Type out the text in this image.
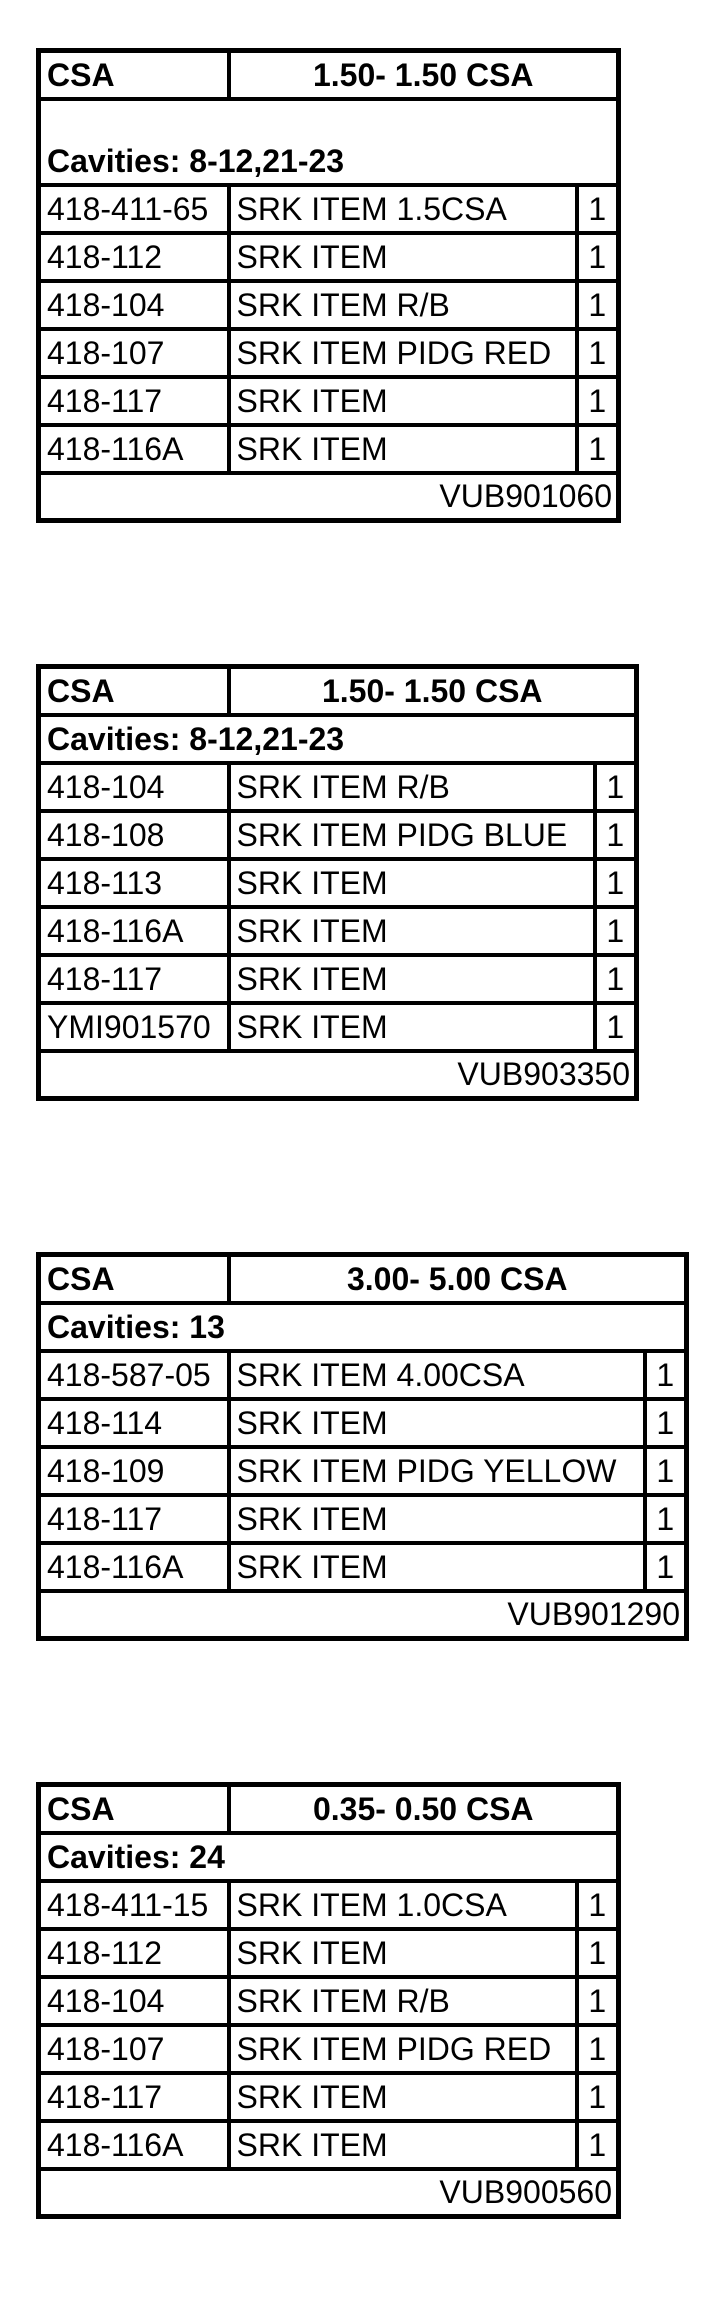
CSA	1.50- 1.50 CSA	
Cavities: 8-12,21-23		
418-411-65	SRK ITEM 1.5CSA	1
418-112	SRK ITEM	1
418-104	SRK ITEM R/B	1
418-107	SRK ITEM PIDG RED	1
418-117	SRK ITEM	1
418-116A	SRK ITEM	1
VUB901060		
CSA	1.50- 1.50 CSA	
Cavities: 8-12,21-23		
418-104	SRK ITEM R/B	1
418-108	SRK ITEM PIDG BLUE	1
418-113	SRK ITEM	1
418-116A	SRK ITEM	1
418-117	SRK ITEM	1
YMI901570	SRK ITEM	1
VUB903350		
CSA	3.00- 5.00 CSA	
Cavities: 13		
418-587-05	SRK ITEM 4.00CSA	1
418-114	SRK ITEM	1
418-109	SRK ITEM PIDG YELLOW	1
418-117	SRK ITEM	1
418-116A	SRK ITEM	1
VUB901290		
CSA	0.35- 0.50 CSA	
Cavities: 24		
418-411-15	SRK ITEM 1.0CSA	1
418-112	SRK ITEM	1
418-104	SRK ITEM R/B	1
418-107	SRK ITEM PIDG RED	1
418-117	SRK ITEM	1
418-116A	SRK ITEM	1
VUB900560		
